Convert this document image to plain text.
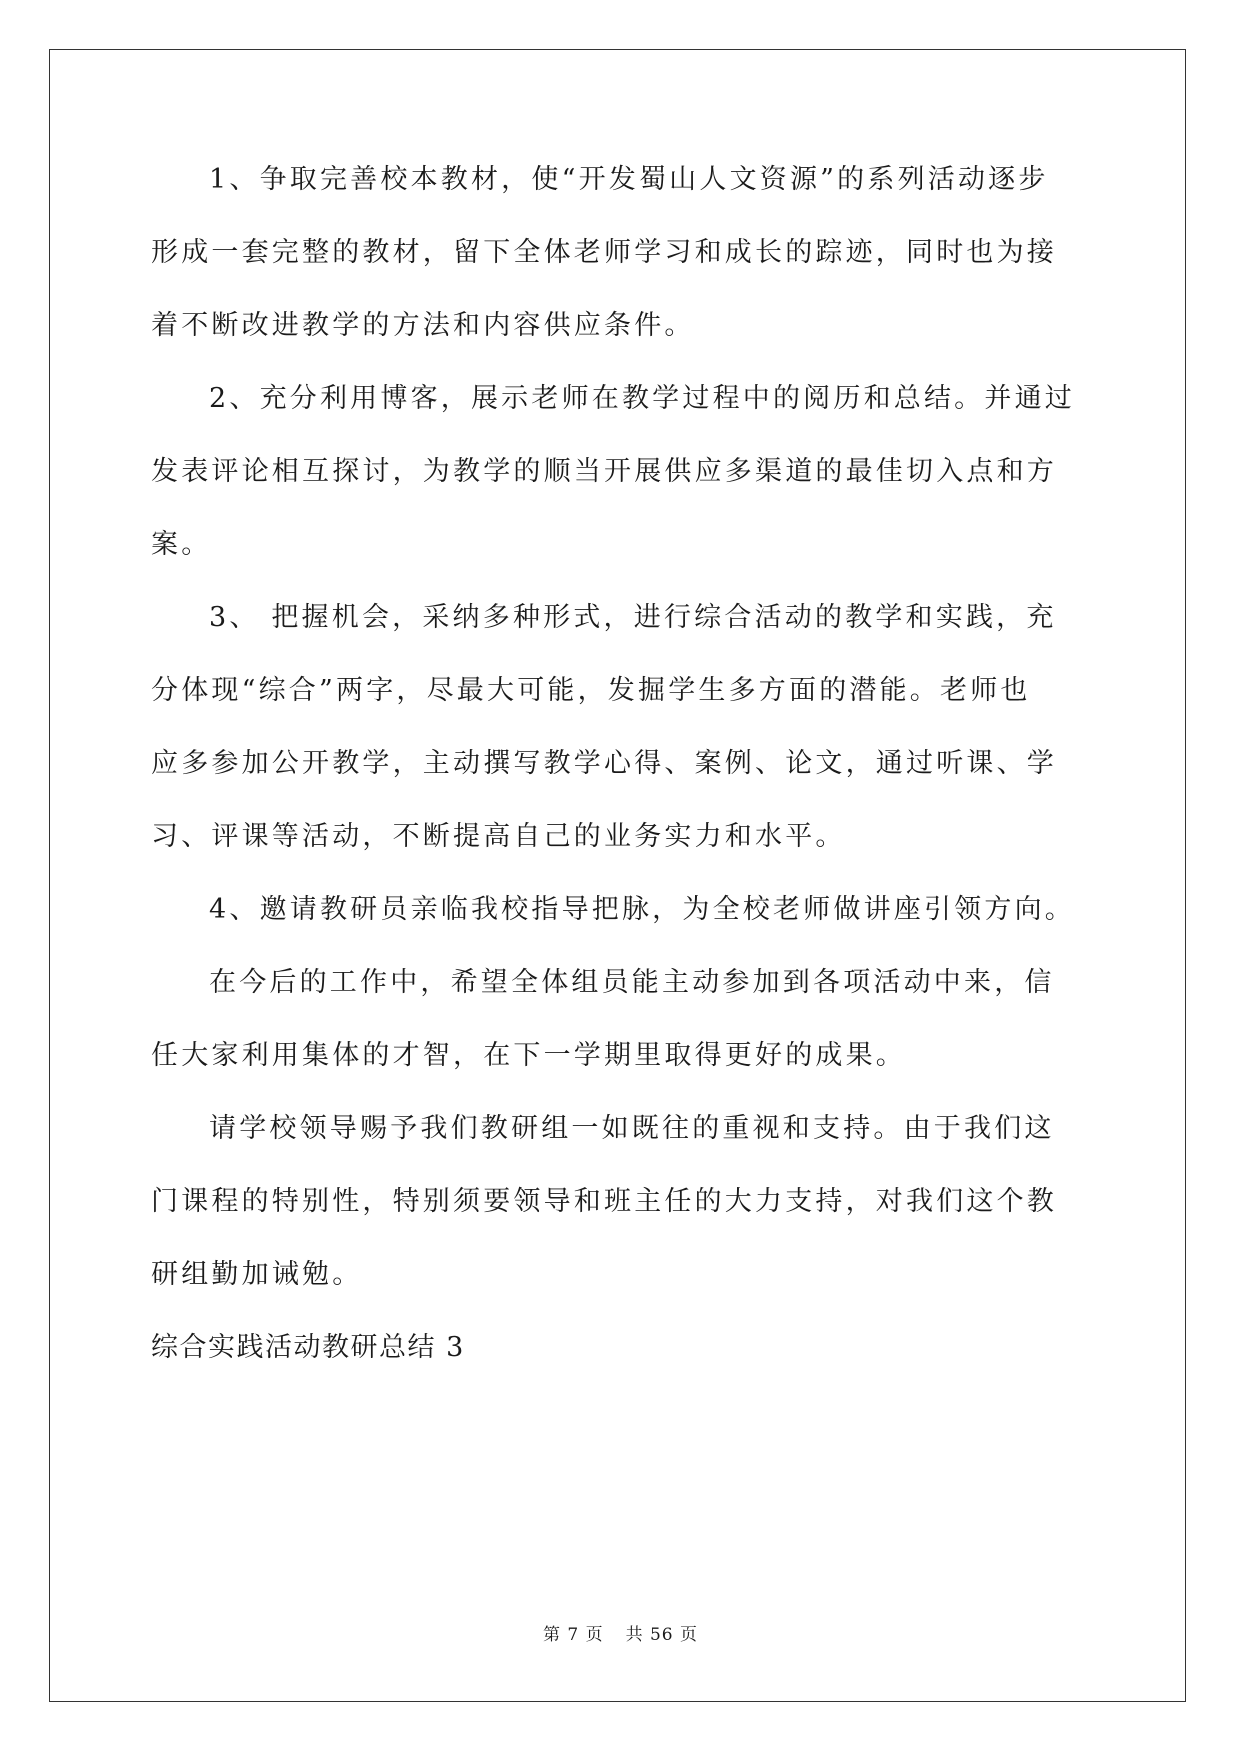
1、争取完善校本教材，使“开发蜀山人文资源”的系列活动逐步
形成一套完整的教材，留下全体老师学习和成长的踪迹，同时也为接
着不断改进教学的方法和内容供应条件。
2、充分利用博客，展示老师在教学过程中的阅历和总结。并通过
发表评论相互探讨，为教学的顺当开展供应多渠道的最佳切入点和方
案。
3、 把握机会，采纳多种形式，进行综合活动的教学和实践，充
分体现“综合”两字，尽最大可能，发掘学生多方面的潜能。老师也
应多参加公开教学，主动撰写教学心得、案例、论文，通过听课、学
习、评课等活动，不断提高自己的业务实力和水平。
4、邀请教研员亲临我校指导把脉，为全校老师做讲座引领方向。
在今后的工作中，希望全体组员能主动参加到各项活动中来，信
任大家利用集体的才智，在下一学期里取得更好的成果。
请学校领导赐予我们教研组一如既往的重视和支持。由于我们这
门课程的特别性，特别须要领导和班主任的大力支持，对我们这个教
研组勤加诫勉。
综合实践活动教研总结 3
第 7 页 共 56 页
